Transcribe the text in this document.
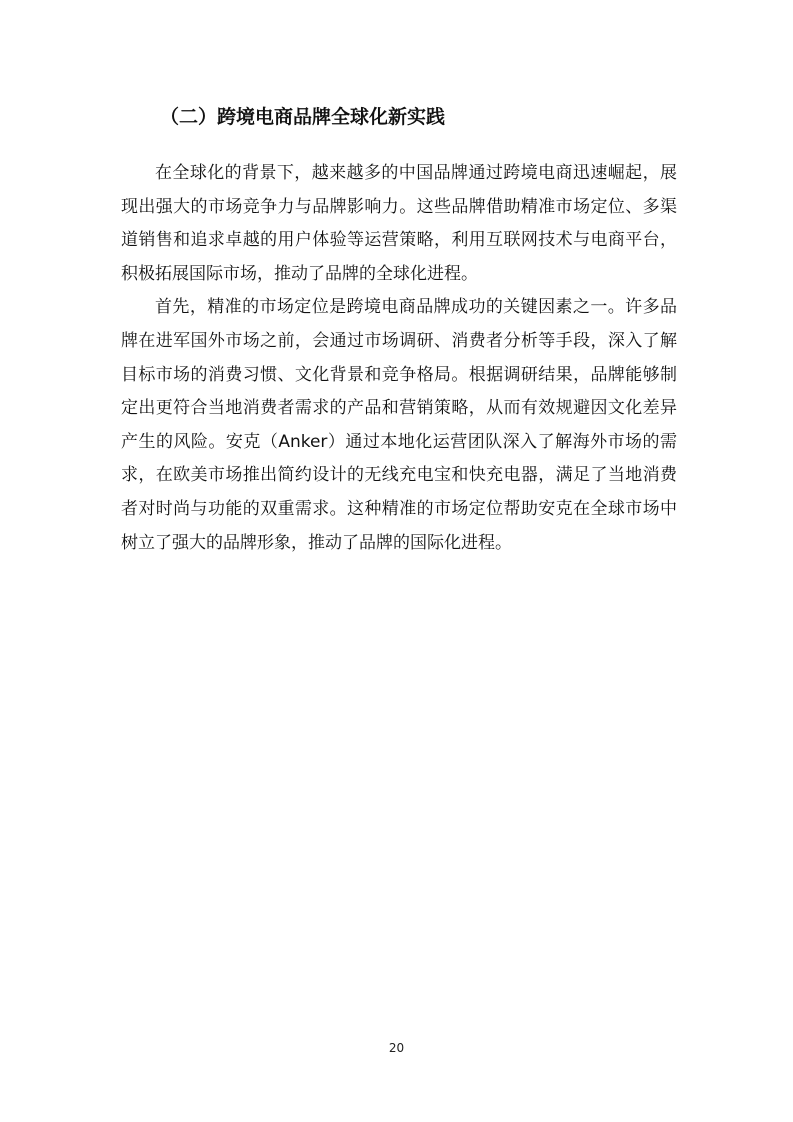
（二）跨境电商品牌全球化新实践

在全球化的背景下，越来越多的中国品牌通过跨境电商迅速崛起，展现出强大的市场竞争力与品牌影响力。这些品牌借助精准市场定位、多渠道销售和追求卓越的用户体验等运营策略，利用互联网技术与电商平台，积极拓展国际市场，推动了品牌的全球化进程。

首先，精准的市场定位是跨境电商品牌成功的关键因素之一。许多品牌在进军国外市场之前，会通过市场调研、消费者分析等手段，深入了解目标市场的消费习惯、文化背景和竞争格局。根据调研结果，品牌能够制定出更符合当地消费者需求的产品和营销策略，从而有效规避因文化差异产生的风险。安克（Anker）通过本地化运营团队深入了解海外市场的需求，在欧美市场推出简约设计的无线充电宝和快充电器，满足了当地消费者对时尚与功能的双重需求。这种精准的市场定位帮助安克在全球市场中树立了强大的品牌形象，推动了品牌的国际化进程。

20
